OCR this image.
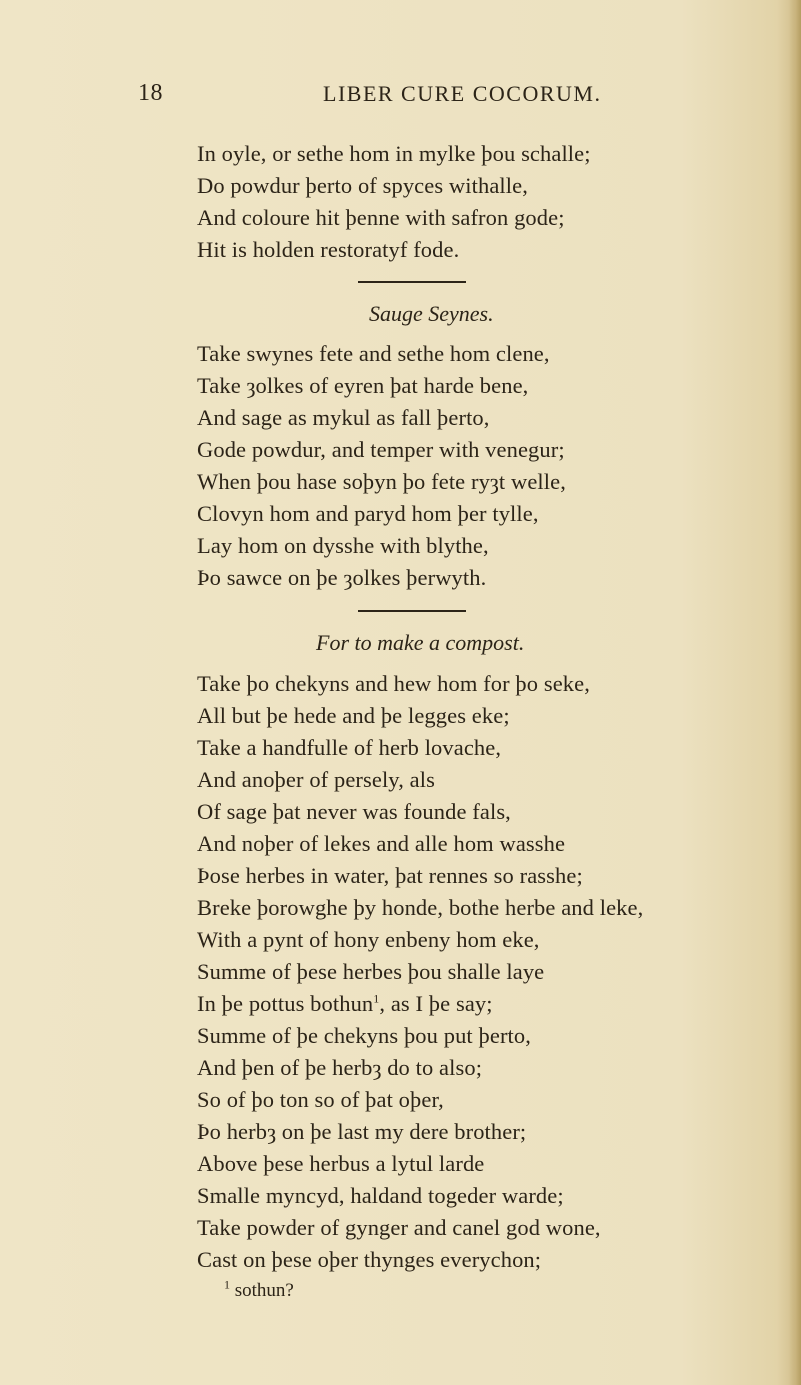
18	LIBER CURE COCORUM.
In oyle, or sethe hom in mylke þou schalle;
Do powdur þerto of spyces withalle,
And coloure hit þenne with safron gode;
Hit is holden restoratyf fode.
Sauge Seynes.
Take swynes fete and sethe hom clene,
Take ȝolkes of eyren þat harde bene,
And sage as mykul as fall þerto,
Gode powdur, and temper with venegur;
When þou hase soþyn þo fete ryȝt welle,
Clovyn hom and paryd hom þer tylle,
Lay hom on dysshe with blythe,
Þo sawce on þe ȝolkes þerwyth.
For to make a compost.
Take þo chekyns and hew hom for þo seke,
All but þe hede and þe legges eke;
Take a handfulle of herb lovache,
And anoþer of persely, als
Of sage þat never was founde fals,
And noþer of lekes and alle hom wasshe
Þose herbes in water, þat rennes so rasshe;
Breke þorowghe þy honde, bothe herbe and leke,
With a pynt of hony enbeny hom eke,
Summe of þese herbes þou shalle laye
In þe pottus bothun$^1$, as I þe say;
Summe of þe chekyns þou put þerto,
And þen of þe herbȝ do to also;
So of þo ton so of þat oþer,
Þo herbȝ on þe last my dere brother;
Above þese herbus a lytul larde
Smalle myncyd, haldand togeder warde;
Take powder of gynger and canel god wone,
Cast on þese oþer thynges everychon;
$^1$ sothun?
